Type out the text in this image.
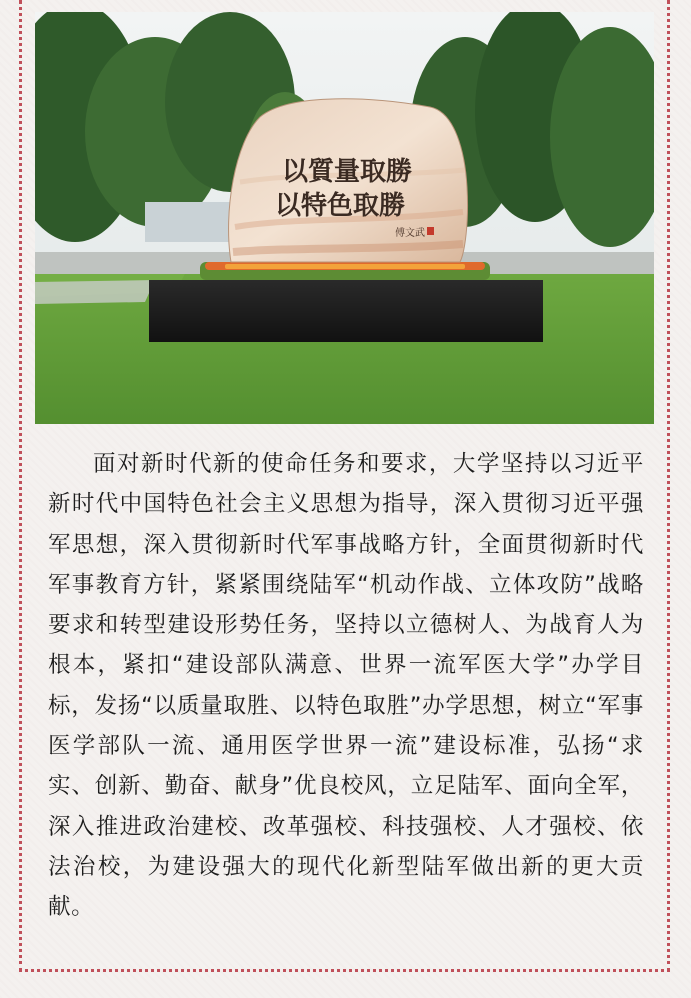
以質量取勝
以特色取勝
傅文武

面对新时代新的使命任务和要求，大学坚持以习近平新时代中国特色社会主义思想为指导，深入贯彻习近平强军思想，深入贯彻新时代军事战略方针，全面贯彻新时代军事教育方针，紧紧围绕陆军“机动作战、立体攻防”战略要求和转型建设形势任务，坚持以立德树人、为战育人为根本，紧扣“建设部队满意、世界一流军医大学”办学目标，发扬“以质量取胜、以特色取胜”办学思想，树立“军事医学部队一流、通用医学世界一流”建设标准，弘扬“求实、创新、勤奋、献身”优良校风，立足陆军、面向全军，深入推进政治建校、改革强校、科技强校、人才强校、依法治校，为建设强大的现代化新型陆军做出新的更大贡献。
